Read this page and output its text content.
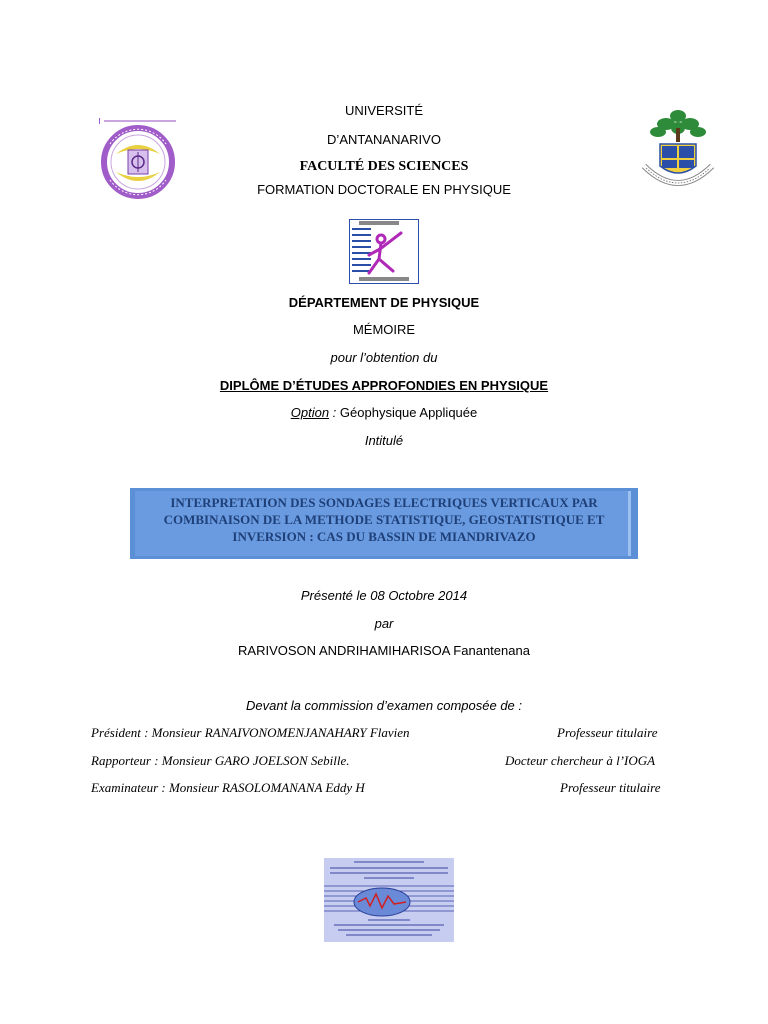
UNIVERSITÉ
D’ANTANANARIVO
FACULTÉ DES SCIENCES
FORMATION DOCTORALE EN PHYSIQUE
DÉPARTEMENT DE PHYSIQUE
MÉMOIRE
pour l’obtention du
DIPLÔME D’ÉTUDES APPROFONDIES EN PHYSIQUE
Option : Géophysique Appliquée
Intitulé
INTERPRETATION DES SONDAGES ELECTRIQUES VERTICAUX PAR
COMBINAISON DE LA METHODE STATISTIQUE, GEOSTATISTIQUE ET
INVERSION : CAS DU BASSIN DE MIANDRIVAZO
Présenté le 08 Octobre 2014
par
RARIVOSON ANDRIHAMIHARISOA Fanantenana
Devant la commission d’examen composée de :
Président : Monsieur RANAIVONOMENJANAHARY Flavien	Professeur titulaire
Rapporteur : Monsieur GARO JOELSON Sebille.	Docteur chercheur à l’IOGA
Examinateur : Monsieur RASOLOMANANA Eddy H	Professeur titulaire
